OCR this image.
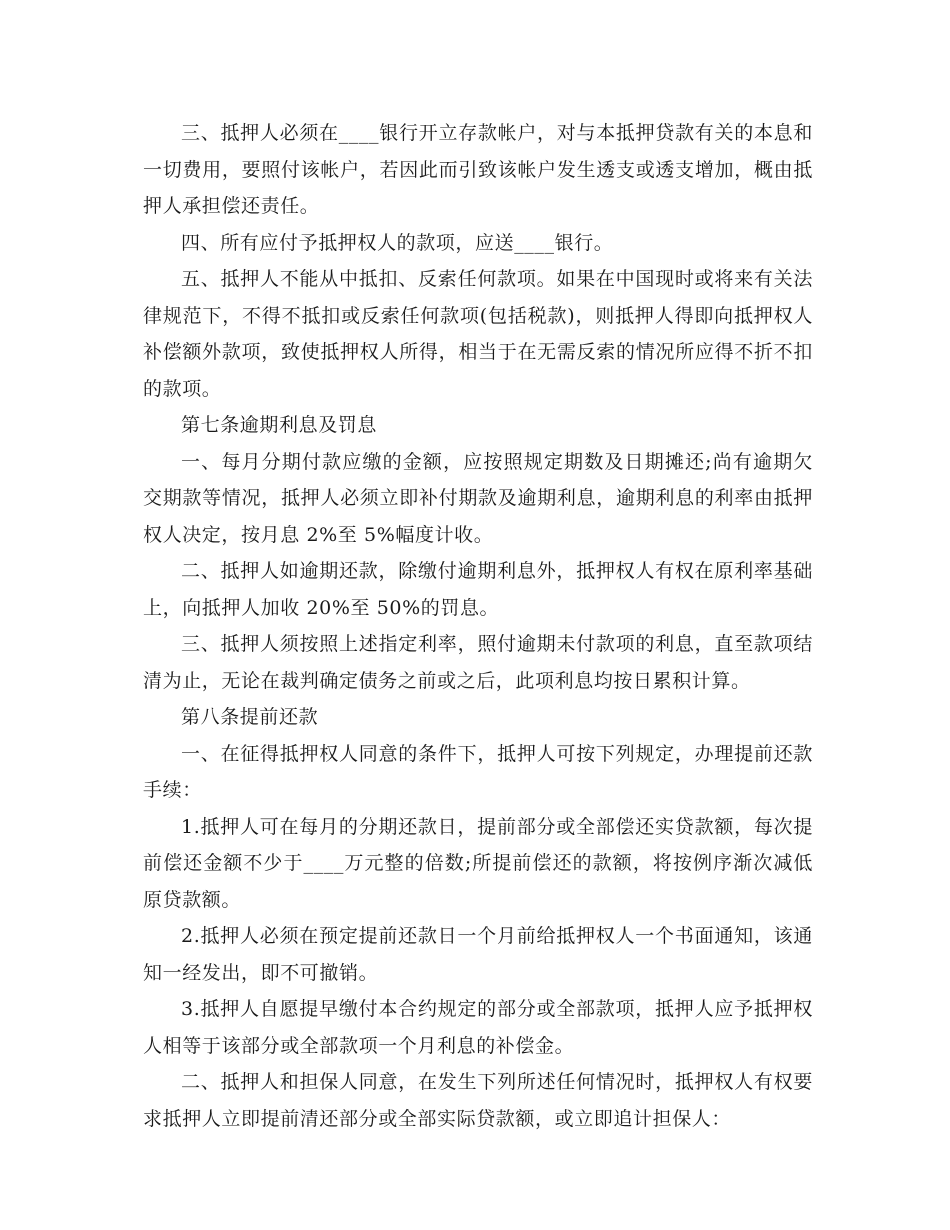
三、抵押人必须在____银行开立存款帐户，对与本抵押贷款有关的本息和一切费用，要照付该帐户，若因此而引致该帐户发生透支或透支增加，概由抵押人承担偿还责任。

四、所有应付予抵押权人的款项，应送____银行。

五、抵押人不能从中抵扣、反索任何款项。如果在中国现时或将来有关法律规范下，不得不抵扣或反索任何款项(包括税款)，则抵押人得即向抵押权人补偿额外款项，致使抵押权人所得，相当于在无需反索的情况所应得不折不扣的款项。

第七条逾期利息及罚息

一、每月分期付款应缴的金额，应按照规定期数及日期摊还;尚有逾期欠交期款等情况，抵押人必须立即补付期款及逾期利息，逾期利息的利率由抵押权人决定，按月息 2%至 5%幅度计收。

二、抵押人如逾期还款，除缴付逾期利息外，抵押权人有权在原利率基础上，向抵押人加收 20%至 50%的罚息。

三、抵押人须按照上述指定利率，照付逾期未付款项的利息，直至款项结清为止，无论在裁判确定债务之前或之后，此项利息均按日累积计算。

第八条提前还款

一、在征得抵押权人同意的条件下，抵押人可按下列规定，办理提前还款手续：

1.抵押人可在每月的分期还款日，提前部分或全部偿还实贷款额，每次提前偿还金额不少于____万元整的倍数;所提前偿还的款额，将按例序渐次减低原贷款额。

2.抵押人必须在预定提前还款日一个月前给抵押权人一个书面通知，该通知一经发出，即不可撤销。

3.抵押人自愿提早缴付本合约规定的部分或全部款项，抵押人应予抵押权人相等于该部分或全部款项一个月利息的补偿金。

二、抵押人和担保人同意，在发生下列所述任何情况时，抵押权人有权要求抵押人立即提前清还部分或全部实际贷款额，或立即追计担保人：
